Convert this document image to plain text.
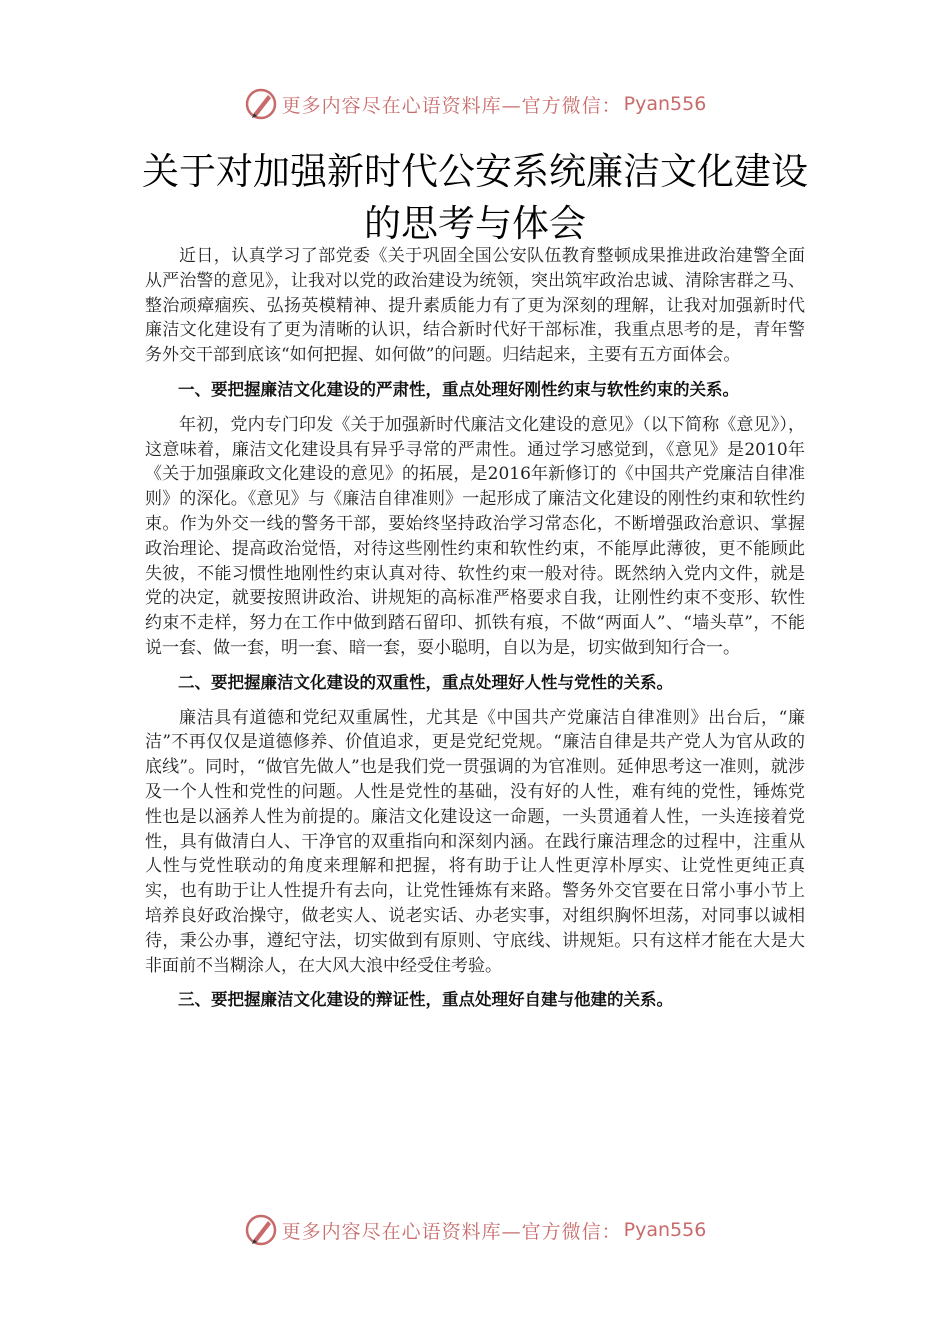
更多内容尽在心语资料库—官方微信： Pyan556
关于对加强新时代公安系统廉洁文化建设
的思考与体会

近日，认真学习了部党委《关于巩固全国公安队伍教育整顿成果推进政治建警全面从严治警的意见》，让我对以党的政治建设为统领，突出筑牢政治忠诚、清除害群之马、整治顽瘴痼疾、弘扬英模精神、提升素质能力有了更为深刻的理解，让我对加强新时代廉洁文化建设有了更为清晰的认识，结合新时代好干部标准，我重点思考的是，青年警务外交干部到底该“如何把握、如何做”的问题。归结起来，主要有五方面体会。

一、要把握廉洁文化建设的严肃性，重点处理好刚性约束与软性约束的关系。

年初，党内专门印发《关于加强新时代廉洁文化建设的意见》（以下简称《意见》），这意味着，廉洁文化建设具有异乎寻常的严肃性。通过学习感觉到，《意见》是2010年《关于加强廉政文化建设的意见》的拓展，是2016年新修订的《中国共产党廉洁自律准则》的深化。《意见》与《廉洁自律准则》一起形成了廉洁文化建设的刚性约束和软性约束。作为外交一线的警务干部，要始终坚持政治学习常态化，不断增强政治意识、掌握政治理论、提高政治觉悟，对待这些刚性约束和软性约束，不能厚此薄彼，更不能顾此失彼，不能习惯性地刚性约束认真对待、软性约束一般对待。既然纳入党内文件，就是党的决定，就要按照讲政治、讲规矩的高标准严格要求自我，让刚性约束不变形、软性约束不走样，努力在工作中做到踏石留印、抓铁有痕，不做“两面人”、“墙头草”，不能说一套、做一套，明一套、暗一套，耍小聪明，自以为是，切实做到知行合一。

二、要把握廉洁文化建设的双重性，重点处理好人性与党性的关系。

廉洁具有道德和党纪双重属性，尤其是《中国共产党廉洁自律准则》出台后，“廉洁”不再仅仅是道德修养、价值追求，更是党纪党规。“廉洁自律是共产党人为官从政的底线”。同时，“做官先做人”也是我们党一贯强调的为官准则。延伸思考这一准则，就涉及一个人性和党性的问题。人性是党性的基础，没有好的人性，难有纯的党性，锤炼党性也是以涵养人性为前提的。廉洁文化建设这一命题，一头贯通着人性，一头连接着党性，具有做清白人、干净官的双重指向和深刻内涵。在践行廉洁理念的过程中，注重从人性与党性联动的角度来理解和把握，将有助于让人性更淳朴厚实、让党性更纯正真实，也有助于让人性提升有去向，让党性锤炼有来路。警务外交官要在日常小事小节上培养良好政治操守，做老实人、说老实话、办老实事，对组织胸怀坦荡，对同事以诚相待，秉公办事，遵纪守法，切实做到有原则、守底线、讲规矩。只有这样才能在大是大非面前不当糊涂人，在大风大浪中经受住考验。

三、要把握廉洁文化建设的辩证性，重点处理好自建与他建的关系。

更多内容尽在心语资料库—官方微信： Pyan556
